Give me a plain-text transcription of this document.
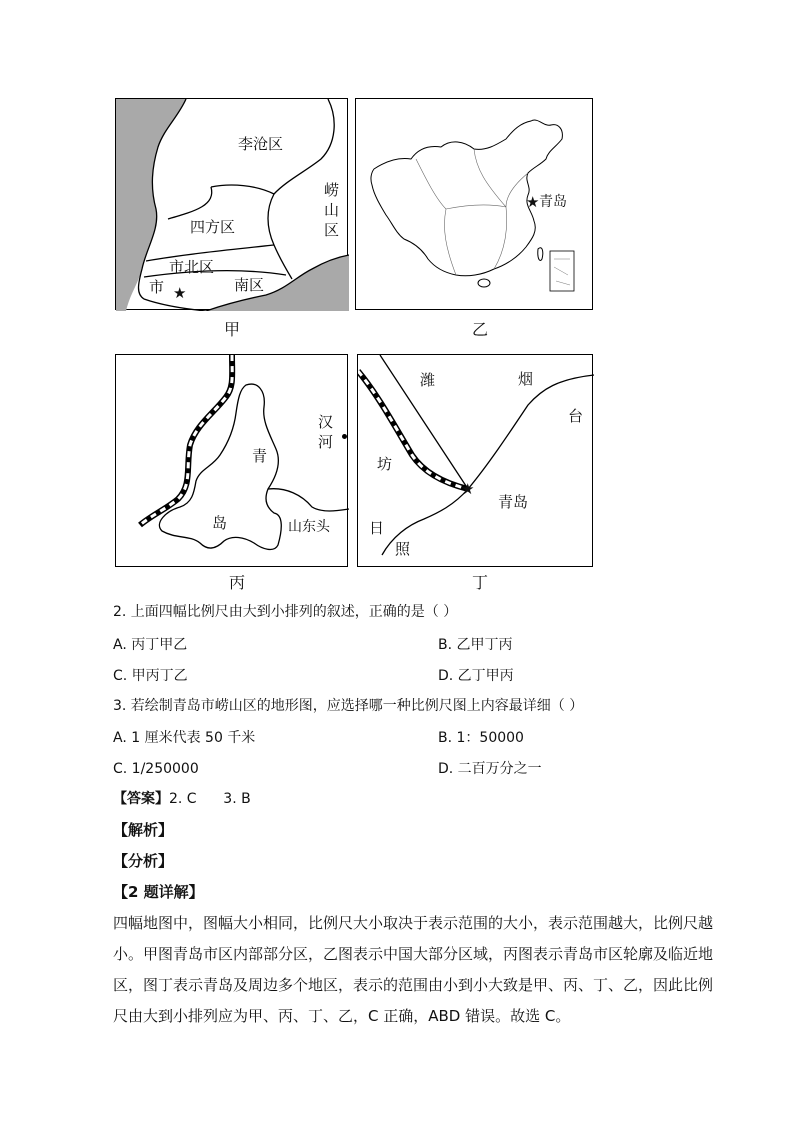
李沧区
四方区
市北区
市 ★	南区
崂
山
区
甲
★ 青岛
乙
青
岛
汉
河
山东头
丙
潍	烟
台
坊
★
青岛
日
照
丁
2. 上面四幅比例尺由大到小排列的叙述，正确的是（ ）
A. 丙丁甲乙	B. 乙甲丁丙
C. 甲丙丁乙	D. 乙丁甲丙
3. 若绘制青岛市崂山区的地形图，应选择哪一种比例尺图上内容最详细（ ）
A. 1 厘米代表 50 千米	B. 1：50000
C. 1/250000	D. 二百万分之一
【答案】2. C      3. B
【解析】
【分析】
【2 题详解】
四幅地图中，图幅大小相同，比例尺大小取决于表示范围的大小，表示范围越大，比例尺越小。甲图青岛市区内部部分区，乙图表示中国大部分区域，丙图表示青岛市区轮廓及临近地区，图丁表示青岛及周边多个地区，表示的范围由小到小大致是甲、丙、丁、乙，因此比例尺由大到小排列应为甲、丙、丁、乙，C 正确，ABD 错误。故选 C。
